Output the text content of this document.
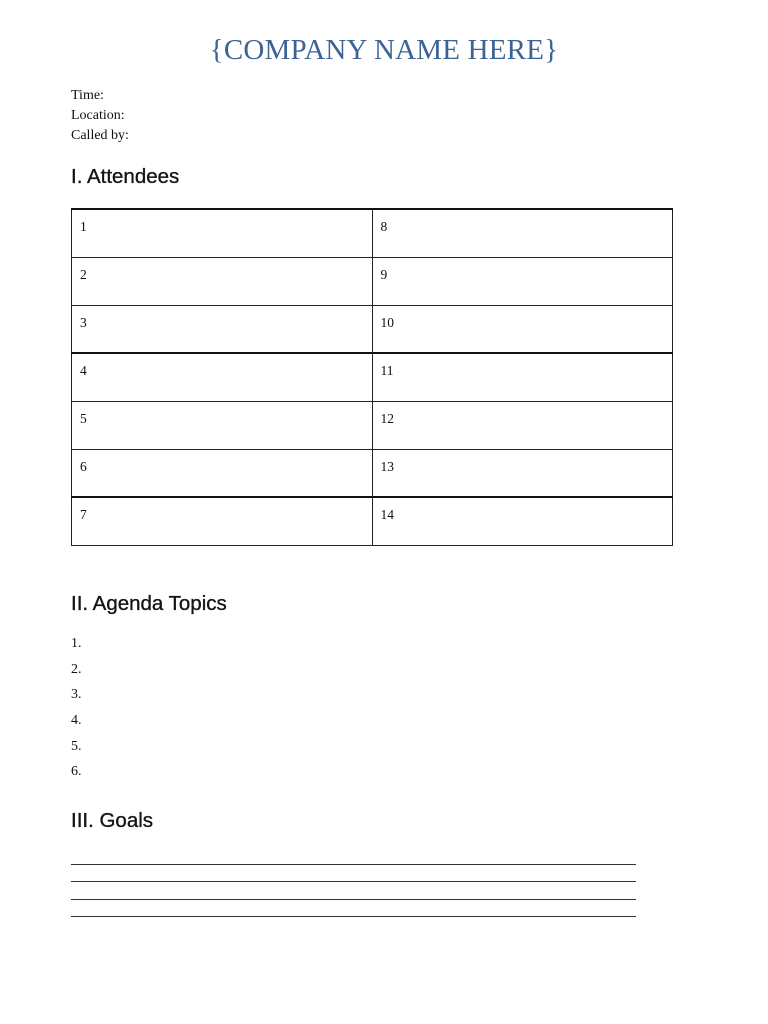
{COMPANY NAME HERE}
Time:
Location:
Called by:
I. Attendees
1	8
2	9
3	10
4	11
5	12
6	13
7	14
II. Agenda Topics
1.
2.
3.
4.
5.
6.
III. Goals
